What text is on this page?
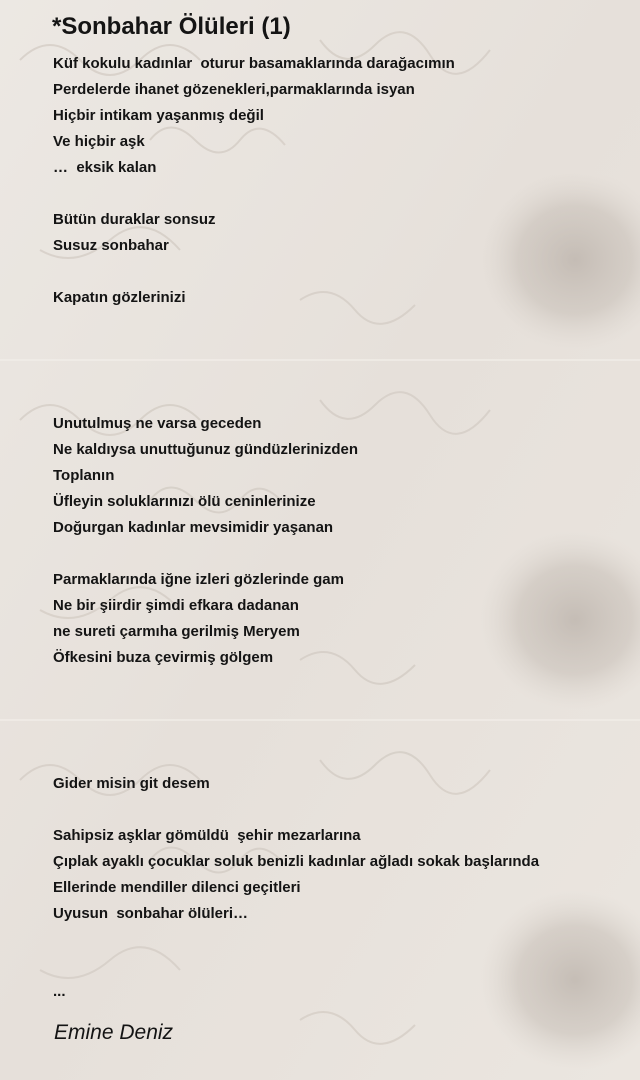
*Sonbahar Ölüleri (1)
Küf kokulu kadınlar  oturur basamaklarında darağacımın
Perdelerde ihanet gözenekleri,parmaklarında isyan
Hiçbir intikam yaşanmış değil
Ve hiçbir aşk
…  eksik kalan
Bütün duraklar sonsuz
Susuz sonbahar
Kapatın gözlerinizi
Unutulmuş ne varsa geceden
Ne kaldıysa unuttuğunuz gündüzlerinizden
Toplanın
Üfleyin soluklarınızı ölü ceninlerinize
Doğurgan kadınlar mevsimidir yaşanan
Parmaklarında iğne izleri gözlerinde gam
Ne bir şiirdir şimdi efkara dadanan
ne sureti çarmıha gerilmiş Meryem
Öfkesini buza çevirmiş gölgem
Gider misin git desem
Sahipsiz aşklar gömüldü  şehir mezarlarına
Çıplak ayaklı çocuklar soluk benizli kadınlar ağladı sokak başlarında
Ellerinde mendiller dilenci geçitleri
Uyusun  sonbahar ölüleri…
...
Emine Deniz
